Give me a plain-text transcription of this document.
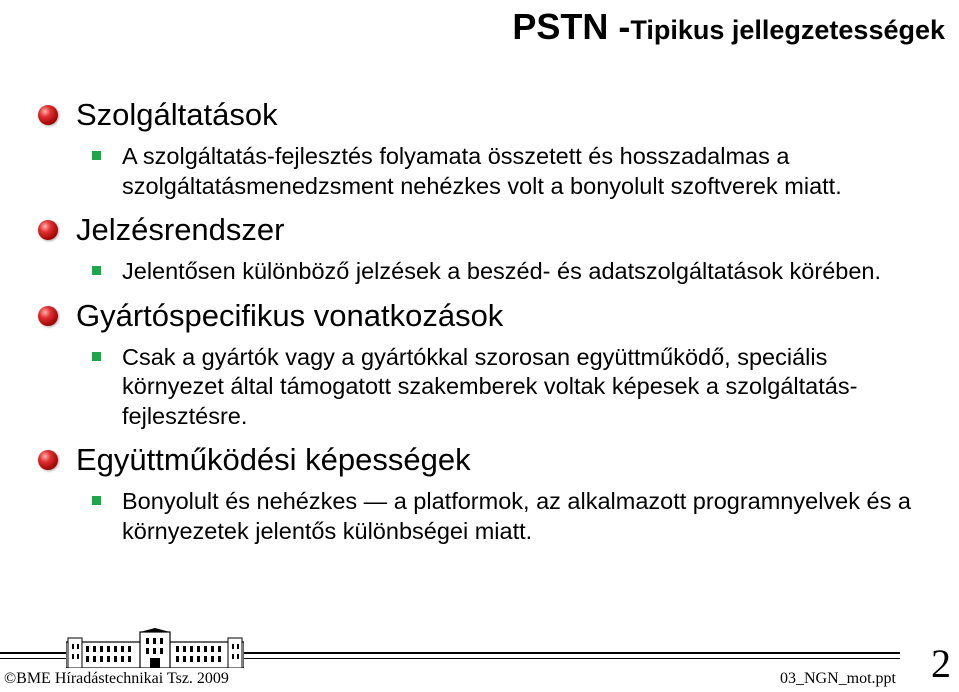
PSTN -Tipikus jellegzetességek
Szolgáltatások
A szolgáltatás-fejlesztés folyamata összetett és hosszadalmas a szolgáltatásmenedzsment nehézkes volt a bonyolult szoftverek miatt.
Jelzésrendszer
Jelentősen különböző jelzések a beszéd- és adatszolgáltatások körében.
Gyártóspecifikus vonatkozások
Csak a gyártók vagy a gyártókkal szorosan együttműködő, speciális környezet által támogatott szakemberek voltak képesek a szolgáltatás-fejlesztésre.
Együttműködési képességek
Bonyolult és nehézkes — a platformok, az alkalmazott programnyelvek és a környezetek jelentős különbségei miatt.
©BME Híradástechnikai Tsz. 2009	03_NGN_mot.ppt 2
